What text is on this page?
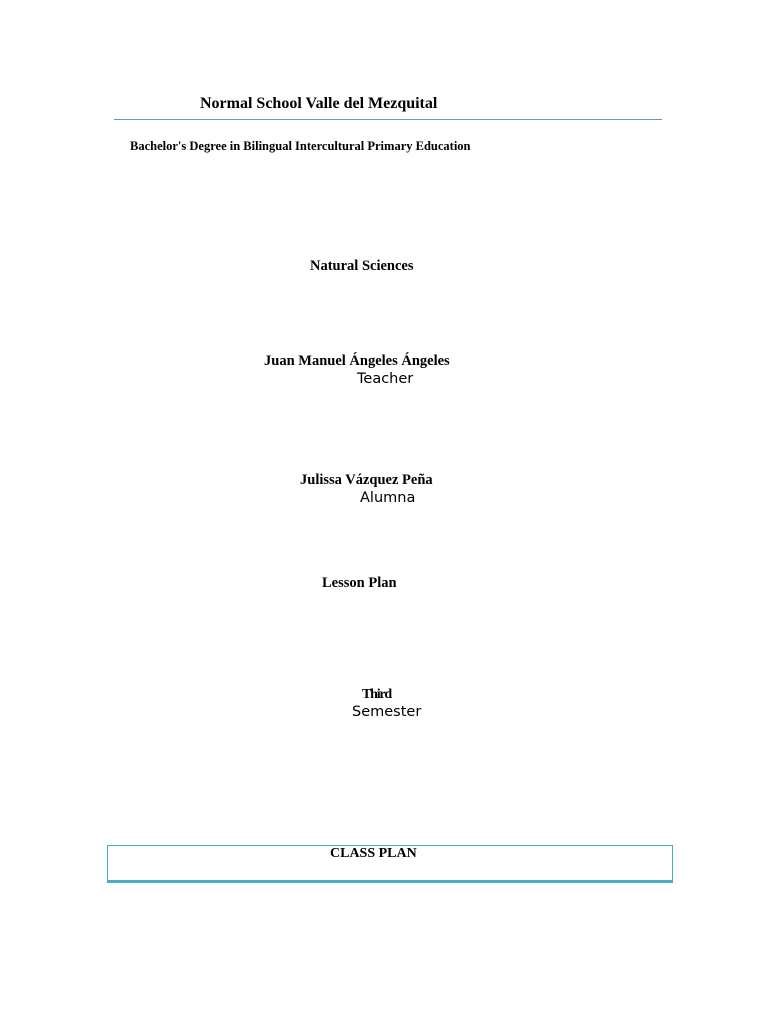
Normal School Valle del Mezquital
Bachelor's Degree in Bilingual Intercultural Primary Education
Natural Sciences
Juan Manuel Ángeles Ángeles
Teacher
Julissa Vázquez Peña
Alumna
Lesson Plan
Third
Semester
CLASS PLAN
